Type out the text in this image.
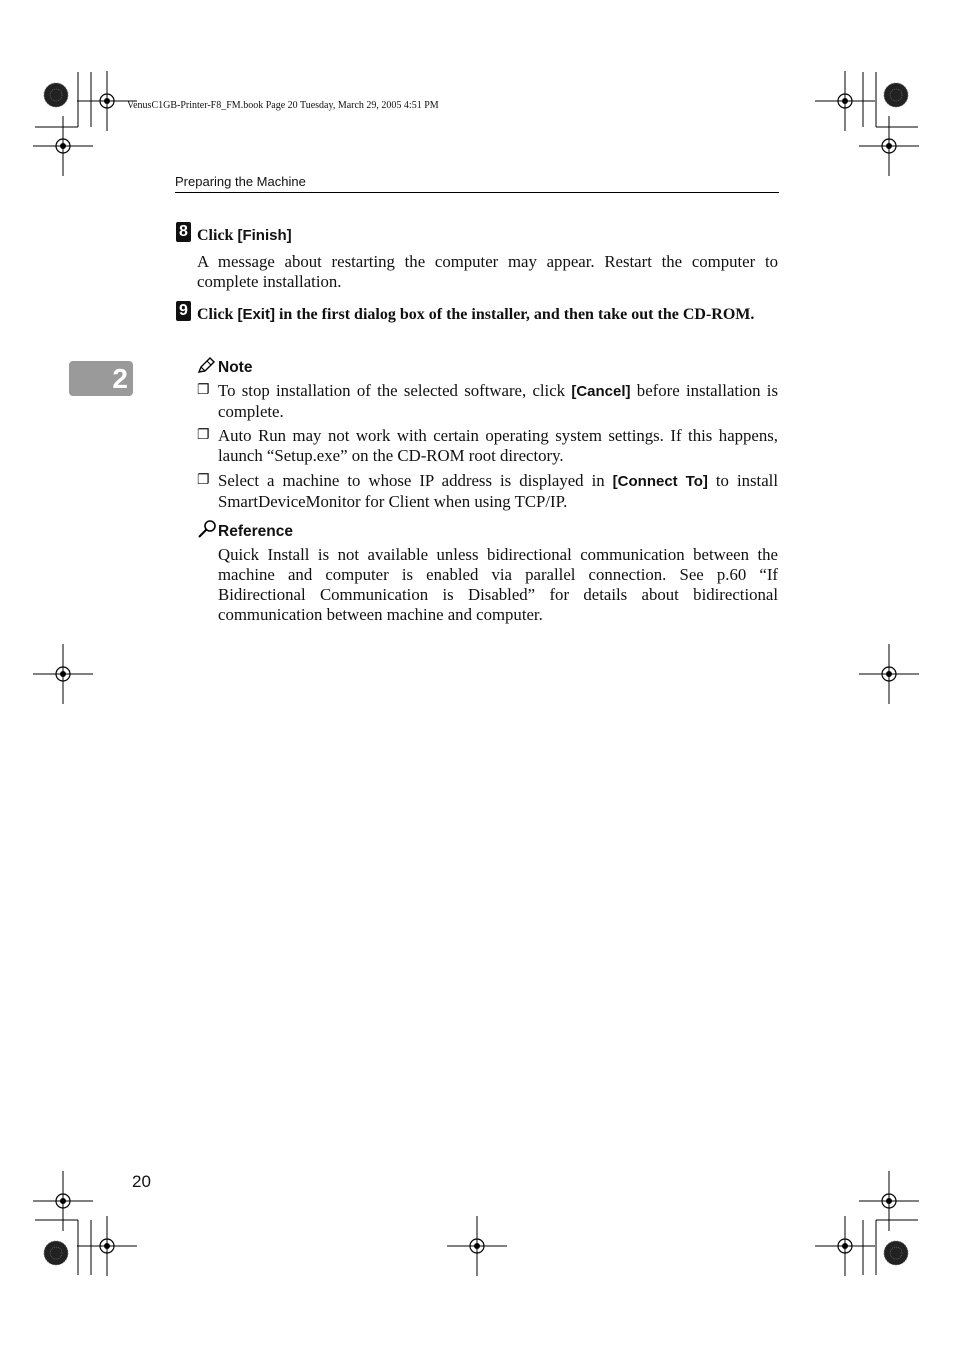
VenusC1GB-Printer-F8_FM.book Page 20 Tuesday, March 29, 2005 4:51 PM
Preparing the Machine
2
8 Click [Finish]
A message about restarting the computer may appear. Restart the computer to complete installation.
9 Click [Exit] in the first dialog box of the installer, and then take out the CD-ROM.
Note
❐ To stop installation of the selected software, click [Cancel] before installation is complete.
❐ Auto Run may not work with certain operating system settings. If this happens, launch “Setup.exe” on the CD-ROM root directory.
❐ Select a machine to whose IP address is displayed in [Connect To] to install SmartDeviceMonitor for Client when using TCP/IP.
Reference
Quick Install is not available unless bidirectional communication between the machine and computer is enabled via parallel connection. See p.60 “If Bidirectional Communication is Disabled” for details about bidirectional communication between machine and computer.
20
